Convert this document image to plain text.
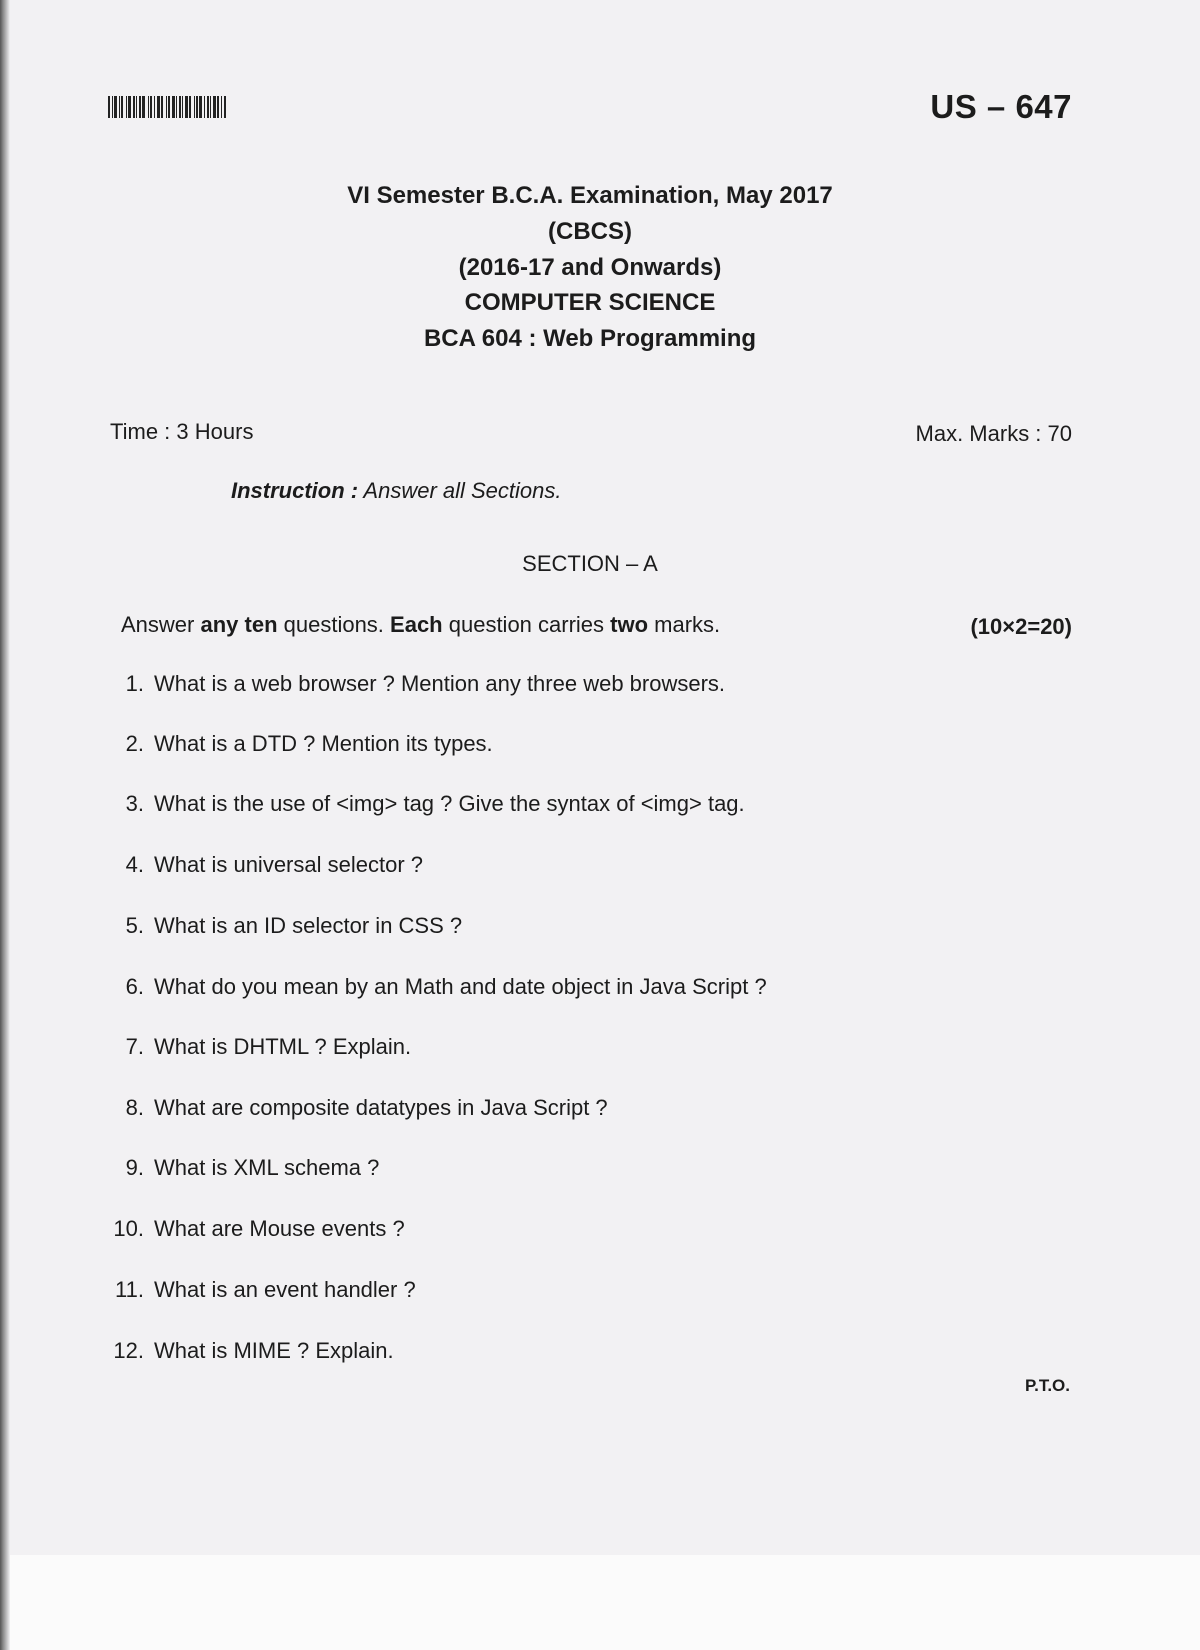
US – 647
VI Semester B.C.A. Examination, May 2017
(CBCS)
(2016-17 and Onwards)
COMPUTER SCIENCE
BCA 604 : Web Programming
Time : 3 Hours	Max. Marks : 70
Instruction : Answer all Sections.
SECTION – A
Answer any ten questions. Each question carries two marks.	(10×2=20)
1. What is a web browser ? Mention any three web browsers.
2. What is a DTD ? Mention its types.
3. What is the use of <img> tag ? Give the syntax of <img> tag.
4. What is universal selector ?
5. What is an ID selector in CSS ?
6. What do you mean by an Math and date object in Java Script ?
7. What is DHTML ? Explain.
8. What are composite datatypes in Java Script ?
9. What is XML schema ?
10. What are Mouse events ?
11. What is an event handler ?
12. What is MIME ? Explain.
P.T.O.
